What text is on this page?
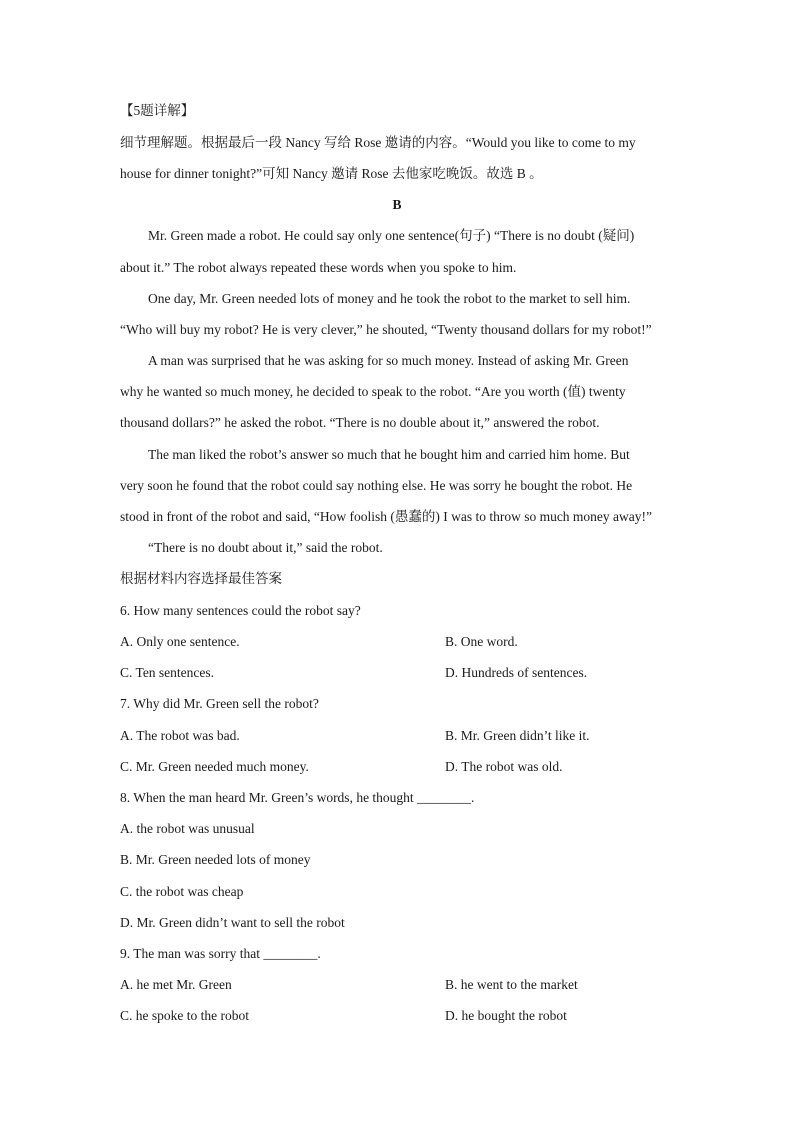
【5题详解】
细节理解题。根据最后一段 Nancy 写给 Rose 邀请的内容。“Would you like to come to my
house for dinner tonight?”可知 Nancy 邀请 Rose 去他家吃晚饭。故选 B 。
B
Mr. Green made a robot. He could say only one sentence(句子) “There is no doubt (疑问)
about it.” The robot always repeated these words when you spoke to him.
One day, Mr. Green needed lots of money and he took the robot to the market to sell him.
“Who will buy my robot? He is very clever,” he shouted, “Twenty thousand dollars for my robot!”
A man was surprised that he was asking for so much money. Instead of asking Mr. Green
why he wanted so much money, he decided to speak to the robot. “Are you worth (值) twenty
thousand dollars?” he asked the robot. “There is no double about it,” answered the robot.
The man liked the robot’s answer so much that he bought him and carried him home. But
very soon he found that the robot could say nothing else. He was sorry he bought the robot. He
stood in front of the robot and said, “How foolish (愚蠢的) I was to throw so much money away!”
“There is no doubt about it,” said the robot.
根据材料内容选择最佳答案
6. How many sentences could the robot say?
A. Only one sentence.	B. One word.
C. Ten sentences.	D. Hundreds of sentences.
7. Why did Mr. Green sell the robot?
A. The robot was bad.	B. Mr. Green didn’t like it.
C. Mr. Green needed much money.	D. The robot was old.
8. When the man heard Mr. Green’s words, he thought ________.
A. the robot was unusual
B. Mr. Green needed lots of money
C. the robot was cheap
D. Mr. Green didn’t want to sell the robot
9. The man was sorry that ________.
A. he met Mr. Green	B. he went to the market
C. he spoke to the robot	D. he bought the robot
